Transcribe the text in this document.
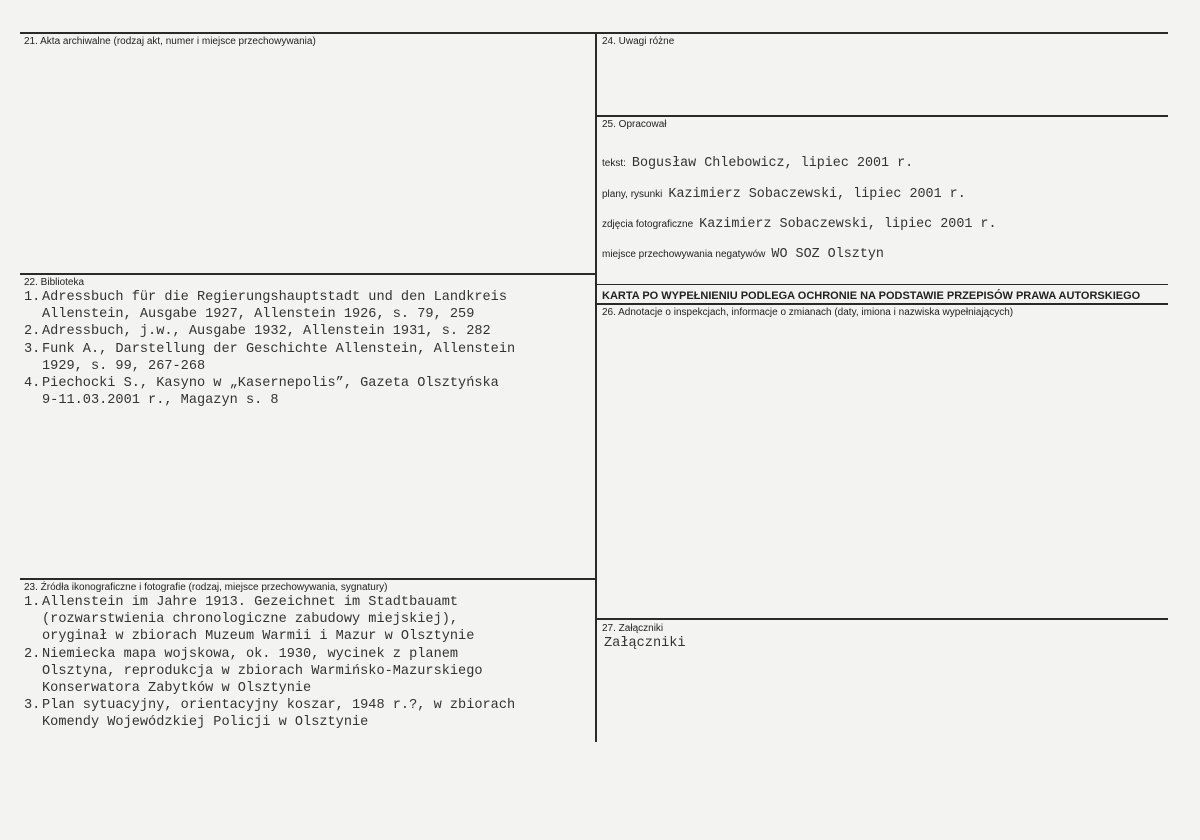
21. Akta archiwalne (rodzaj akt, numer i miejsce przechowywania)
22. Biblioteka
1. Adressbuch für die Regierungshauptstadt und den Landkreis
Allenstein, Ausgabe 1927, Allenstein 1926, s. 79, 259
2. Adressbuch, j.w., Ausgabe 1932, Allenstein 1931, s. 282
3. Funk A., Darstellung der Geschichte Allenstein, Allenstein
1929, s. 99, 267-268
4. Piechocki S., Kasyno w „Kasernepolis”, Gazeta Olsztyńska
9-11.03.2001 r., Magazyn s. 8
23. Źródła ikonograficzne i fotografie (rodzaj, miejsce przechowywania, sygnatury)
1. Allenstein im Jahre 1913. Gezeichnet im Stadtbauamt
(rozwarstwienia chronologiczne zabudowy miejskiej),
oryginał w zbiorach Muzeum Warmii i Mazur w Olsztynie
2. Niemiecka mapa wojskowa, ok. 1930, wycinek z planem
Olsztyna, reprodukcja w zbiorach Warmińsko-Mazurskiego
Konserwatora Zabytków w Olsztynie
3. Plan sytuacyjny, orientacyjny koszar, 1948 r.?, w zbiorach
Komendy Wojewódzkiej Policji w Olsztynie
24. Uwagi różne
25. Opracował
tekst: Bogusław Chlebowicz, lipiec 2001 r.
plany, rysunki Kazimierz Sobaczewski, lipiec 2001 r.
zdjęcia fotograficzne Kazimierz Sobaczewski, lipiec 2001 r.
miejsce przechowywania negatywów WO SOZ Olsztyn
KARTA PO WYPEŁNIENIU PODLEGA OCHRONIE NA PODSTAWIE PRZEPISÓW PRAWA AUTORSKIEGO
26. Adnotacje o inspekcjach, informacje o zmianach (daty, imiona i nazwiska wypełniających)
27. Załączniki
Załączniki
